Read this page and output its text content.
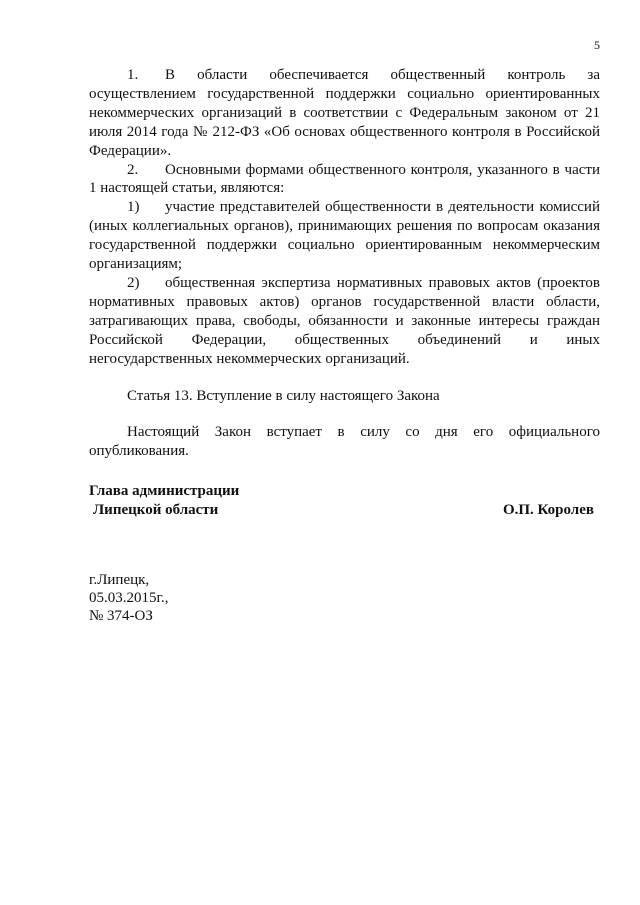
5

1. В области обеспечивается общественный контроль за осуществлением государственной поддержки социально ориентированных некоммерческих организаций в соответствии с Федеральным законом от 21 июля 2014 года № 212-ФЗ «Об основах общественного контроля в Российской Федерации».

2. Основными формами общественного контроля, указанного в части 1 настоящей статьи, являются:

1) участие представителей общественности в деятельности комиссий (иных коллегиальных органов), принимающих решения по вопросам оказания государственной поддержки социально ориентированным некоммерческим организациям;

2) общественная экспертиза нормативных правовых актов (проектов нормативных правовых актов) органов государственной власти области, затрагивающих права, свободы, обязанности и законные интересы граждан Российской Федерации, общественных объединений и иных негосударственных некоммерческих организаций.

Статья 13. Вступление в силу настоящего Закона

Настоящий Закон вступает в силу со дня его официального опубликования.

Глава администрации
Липецкой области	О.П. Королев
г.Липецк,
05.03.2015г.,
№ 374-ОЗ
